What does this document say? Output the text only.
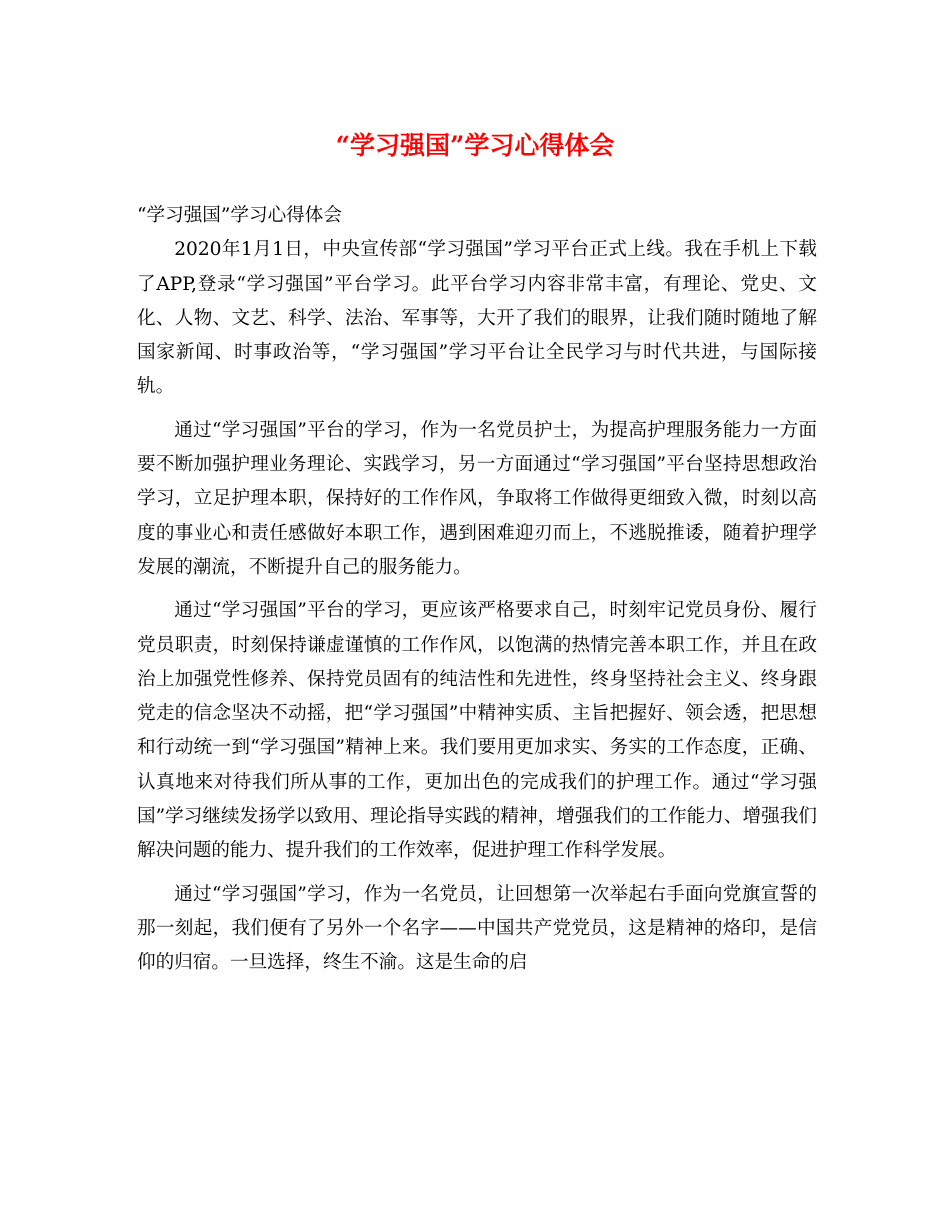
“学习强国”学习心得体会

“学习强国”学习心得体会

2020年1月1日，中央宣传部“学习强国”学习平台正式上线。我在手机上下载了APP,登录“学习强国”平台学习。此平台学习内容非常丰富，有理论、党史、文化、人物、文艺、科学、法治、军事等，大开了我们的眼界，让我们随时随地了解国家新闻、时事政治等，“学习强国”学习平台让全民学习与时代共进，与国际接轨。

通过“学习强国”平台的学习，作为一名党员护士，为提高护理服务能力一方面要不断加强护理业务理论、实践学习，另一方面通过“学习强国”平台坚持思想政治学习，立足护理本职，保持好的工作作风，争取将工作做得更细致入微，时刻以高度的事业心和责任感做好本职工作，遇到困难迎刃而上，不逃脱推诿，随着护理学发展的潮流，不断提升自己的服务能力。

通过“学习强国”平台的学习，更应该严格要求自己，时刻牢记党员身份、履行党员职责，时刻保持谦虚谨慎的工作作风，以饱满的热情完善本职工作，并且在政治上加强党性修养、保持党员固有的纯洁性和先进性，终身坚持社会主义、终身跟党走的信念坚决不动摇，把“学习强国”中精神实质、主旨把握好、领会透，把思想和行动统一到“学习强国”精神上来。我们要用更加求实、务实的工作态度，正确、认真地来对待我们所从事的工作，更加出色的完成我们的护理工作。通过“学习强国”学习继续发扬学以致用、理论指导实践的精神，增强我们的工作能力、增强我们解决问题的能力、提升我们的工作效率，促进护理工作科学发展。

通过“学习强国”学习，作为一名党员，让回想第一次举起右手面向党旗宣誓的那一刻起，我们便有了另外一个名字——中国共产党党员，这是精神的烙印，是信仰的归宿。一旦选择，终生不渝。这是生命的启
